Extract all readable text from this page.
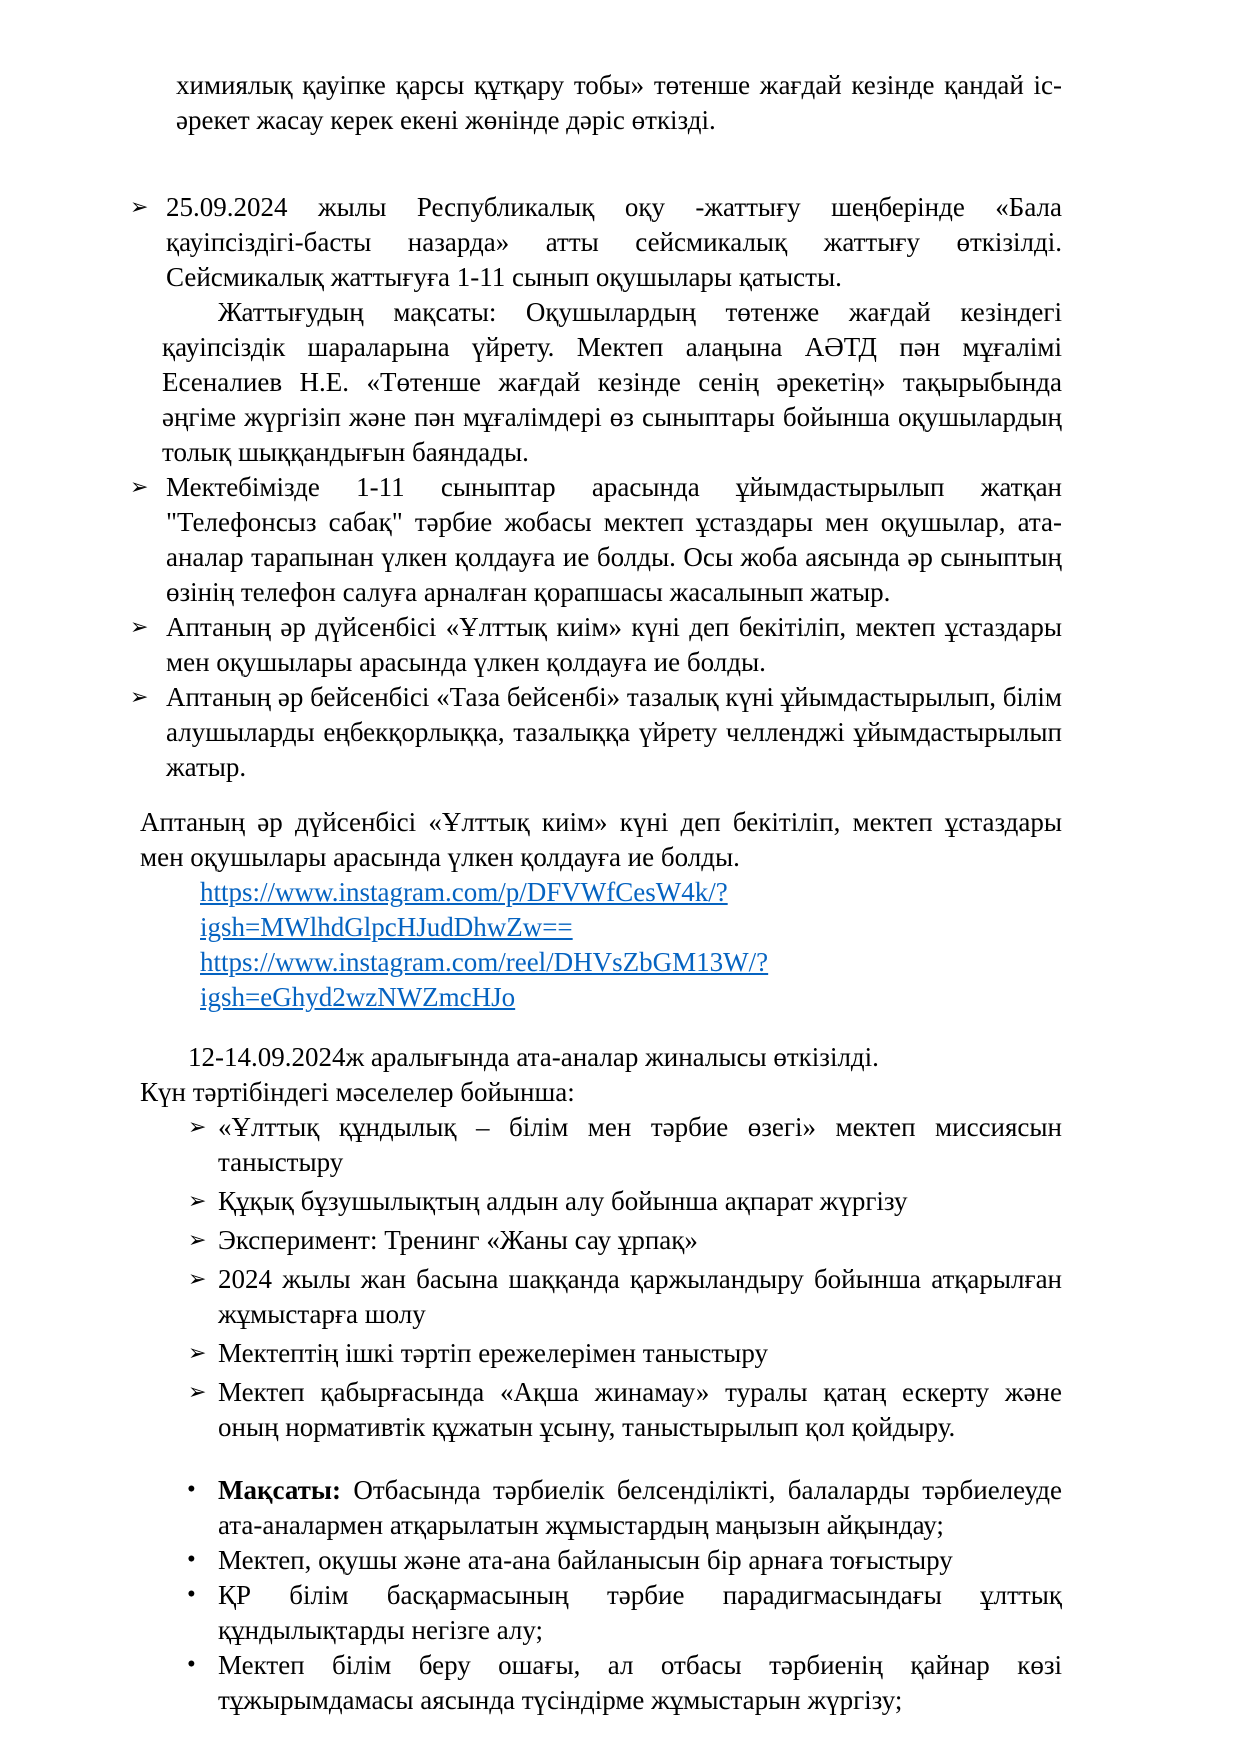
химиялық қауіпке қарсы құтқару тобы» төтенше жағдай кезінде қандай іс-әрекет жасау керек екені жөнінде дәріс өткізді.

➢ 25.09.2024 жылы Республикалық оқу -жаттығу шеңберінде «Бала қауіпсіздігі-басты назарда» атты сейсмикалық жаттығу өткізілді. Сейсмикалық жаттығуға 1-11 сынып оқушылары қатысты.

Жаттығудың мақсаты: Оқушылардың төтенже жағдай кезіндегі қауіпсіздік шараларына үйрету. Мектеп алаңына АӘТД пән мұғалімі Есеналиев Н.Е. «Төтенше жағдай кезінде сенің әрекетің» тақырыбында әңгіме жүргізіп және пән мұғалімдері өз сыныптары бойынша оқушылардың толық шыққандығын баяндады.

➢ Мектебімізде 1-11 сыныптар арасында ұйымдастырылып жатқан "Телефонсыз сабақ" тәрбие жобасы мектеп ұстаздары мен оқушылар, ата-аналар тарапынан үлкен қолдауға ие болды. Осы жоба аясында әр сыныптың өзінің телефон салуға арналған қорапшасы жасалынып жатыр.
➢ Аптаның әр дүйсенбісі «Ұлттық киім» күні деп бекітіліп, мектеп ұстаздары мен оқушылары арасында үлкен қолдауға ие болды.
➢ Аптаның әр бейсенбісі «Таза бейсенбі» тазалық күні ұйымдастырылып, білім алушыларды еңбекқорлыққа, тазалыққа үйрету челленджі ұйымдастырылып жатыр.

Аптаның әр дүйсенбісі «Ұлттық киім» күні деп бекітіліп, мектеп ұстаздары мен оқушылары арасында үлкен қолдауға ие болды.

https://www.instagram.com/p/DFVWfCesW4k/?igsh=MWlhdGlpcHJudDhwZw==
https://www.instagram.com/reel/DHVsZbGM13W/?igsh=eGhyd2wzNWZmcHJo

12-14.09.2024ж аралығында ата-аналар жиналысы өткізілді.

Күн тәртібіндегі мәселелер бойынша:

➢ «Ұлттық құндылық – білім мен тәрбие өзегі» мектеп миссиясын таныстыру
➢ Құқық бұзушылықтың алдын алу бойынша ақпарат жүргізу
➢ Эксперимент: Тренинг «Жаны сау ұрпақ»
➢ 2024 жылы жан басына шаққанда қаржыландыру бойынша атқарылған жұмыстарға шолу
➢ Мектептің ішкі тәртіп ережелерімен таныстыру
➢ Мектеп қабырғасында «Ақша жинамау» туралы қатаң ескерту және оның нормативтік құжатын ұсыну, таныстырылып қол қойдыру.
• Мақсаты: Отбасында тәрбиелік белсенділікті, балаларды тәрбиелеуде ата-аналармен атқарылатын жұмыстардың маңызын айқындау;
• Мектеп, оқушы және ата-ана байланысын бір арнаға тоғыстыру
• ҚР білім басқармасының тәрбие парадигмасындағы ұлттық құндылықтарды негізге алу;
• Мектеп білім беру ошағы, ал отбасы тәрбиенің қайнар көзі тұжырымдамасы аясында түсіндірме жұмыстарын жүргізу;
